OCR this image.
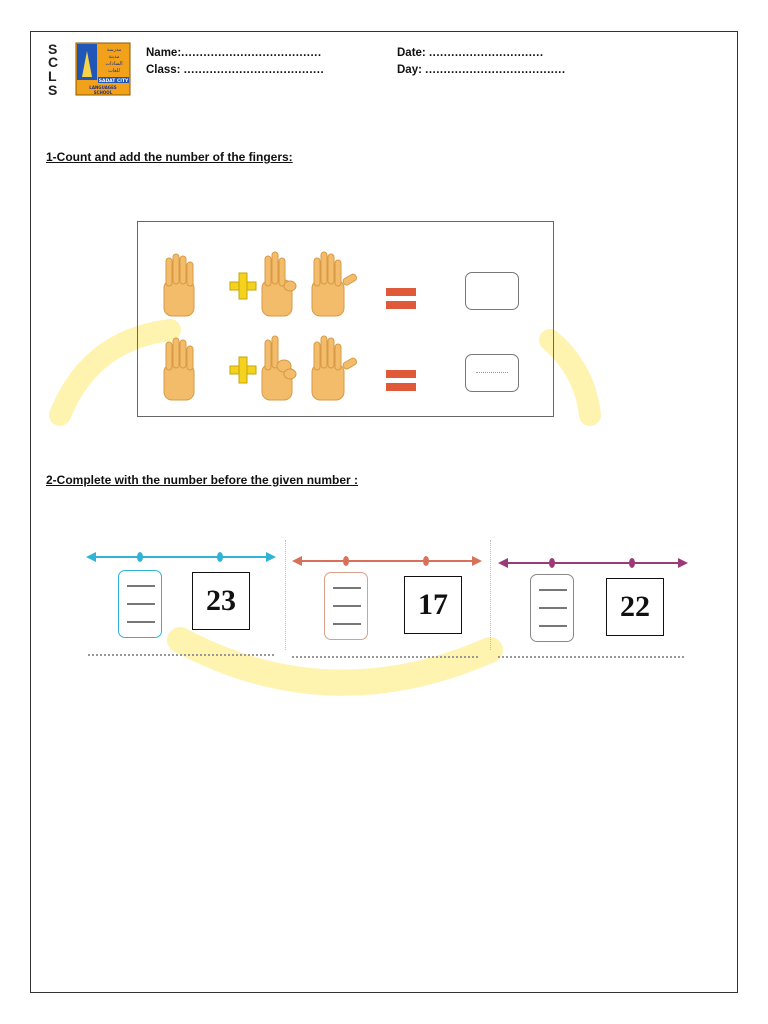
S
C
L
S
مدرسة
مدينة
السادات
للغات
SADAT CITY
LANGUAGES
SCHOOL
Name:......................................
Class: ......................................
Date: ...............................
Day: ......................................
1-Count and add the number of the fingers:
2-Complete with the number before the given number :
23	17	22
